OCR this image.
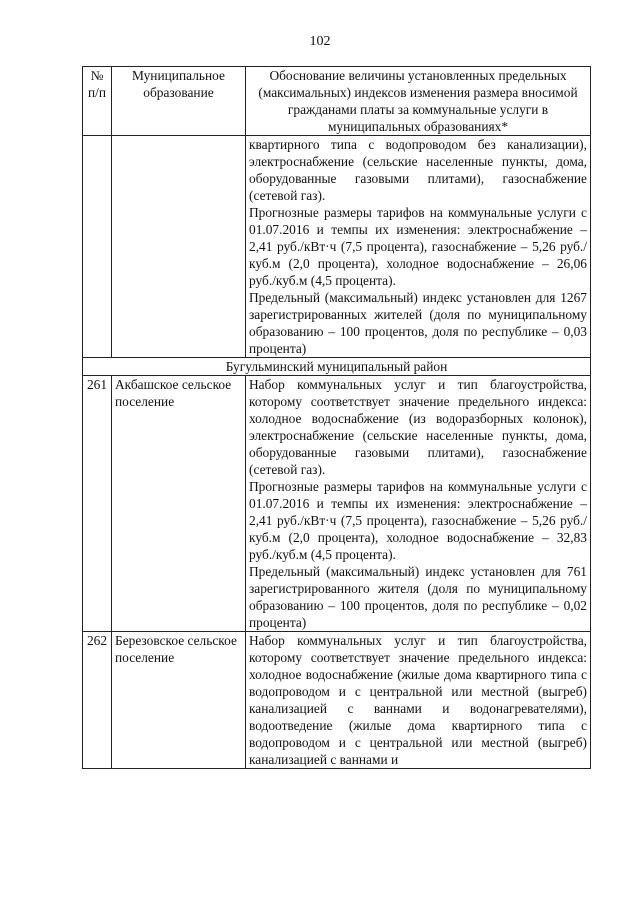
102
№ п/п	Муниципальное образование	Обоснование величины установленных предельных (максимальных) индексов изменения размера вносимой гражданами платы за коммунальные услуги в муниципальных образованиях*

		квартирного типа с водопроводом без канализации), электроснабжение (сельские населенные пункты, дома, оборудованные газовыми плитами), газоснабжение (сетевой газ).

Прогнозные размеры тарифов на коммунальные услуги с 01.07.2016 и темпы их изменения: электроснабжение – 2,41 руб./кВт·ч (7,5 процента), газоснабжение – 5,26 руб./куб.м (2,0 процента), холодное водоснабжение – 26,06 руб./куб.м (4,5 процента).

Предельный (максимальный) индекс установлен для 1267 зарегистрированных жителей (доля по муниципальному образованию – 100 процентов, доля по республике – 0,03 процента)

Бугульминский муниципальный район		
261	Акбашское сельское поселение	Набор коммунальных услуг и тип благоустройства, которому соответствует значение предельного индекса: холодное водоснабжение (из водоразборных колонок), электроснабжение (сельские населенные пункты, дома, оборудованные газовыми плитами), газоснабжение (сетевой газ).

Прогнозные размеры тарифов на коммунальные услуги с 01.07.2016 и темпы их изменения: электроснабжение – 2,41 руб./кВт·ч (7,5 процента), газоснабжение – 5,26 руб./куб.м (2,0 процента), холодное водоснабжение – 32,83 руб./куб.м (4,5 процента).

Предельный (максимальный) индекс установлен для 761 зарегистрированного жителя (доля по муниципальному образованию – 100 процентов, доля по республике – 0,02 процента)

262	Березовское сельское поселение	Набор коммунальных услуг и тип благоустройства, которому соответствует значение предельного индекса: холодное водоснабжение (жилые дома квартирного типа с водопроводом и с центральной или местной (выгреб) канализацией с ваннами и водонагревателями), водоотведение (жилые дома квартирного типа с водопроводом и с центральной или местной (выгреб) канализацией с ваннами и
